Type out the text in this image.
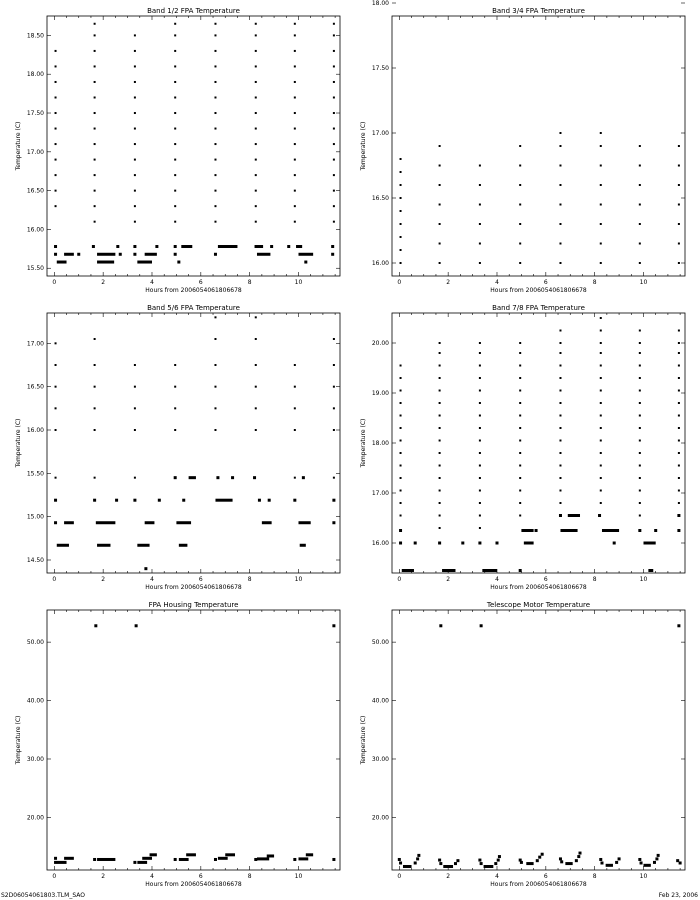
Band 1/2 FPA Temperature
Hours from 2006054061806678
Temperature (C)
0	2	4	6	8	10
15.50
16.00
16.50
17.00
17.50
18.00
18.50
Band 3/4 FPA Temperature
Hours from 2006054061806678
Temperature (C)
0	2	4	6	8	10
16.00
16.50
17.00
17.50
18.00
Band 5/6 FPA Temperature
Hours from 2006054061806678
Temperature (C)
0	2	4	6	8	10
14.50
15.00
15.50
16.00
16.50
17.00
Band 7/8 FPA Temperature
Hours from 2006054061806678
Temperature (C)
0	2	4	6	8	10
16.00
17.00
18.00
19.00
20.00
FPA Housing Temperature
Hours from 2006054061806678
Temperature (C)
0	2	4	6	8	10
20.00
30.00
40.00
50.00
Telescope Motor Temperature
Hours from 2006054061806678
Temperature (C)
0	2	4	6	8	10
20.00
30.00
40.00
50.00
S2D06054061803.TLM_SAO	Feb 23, 2006
